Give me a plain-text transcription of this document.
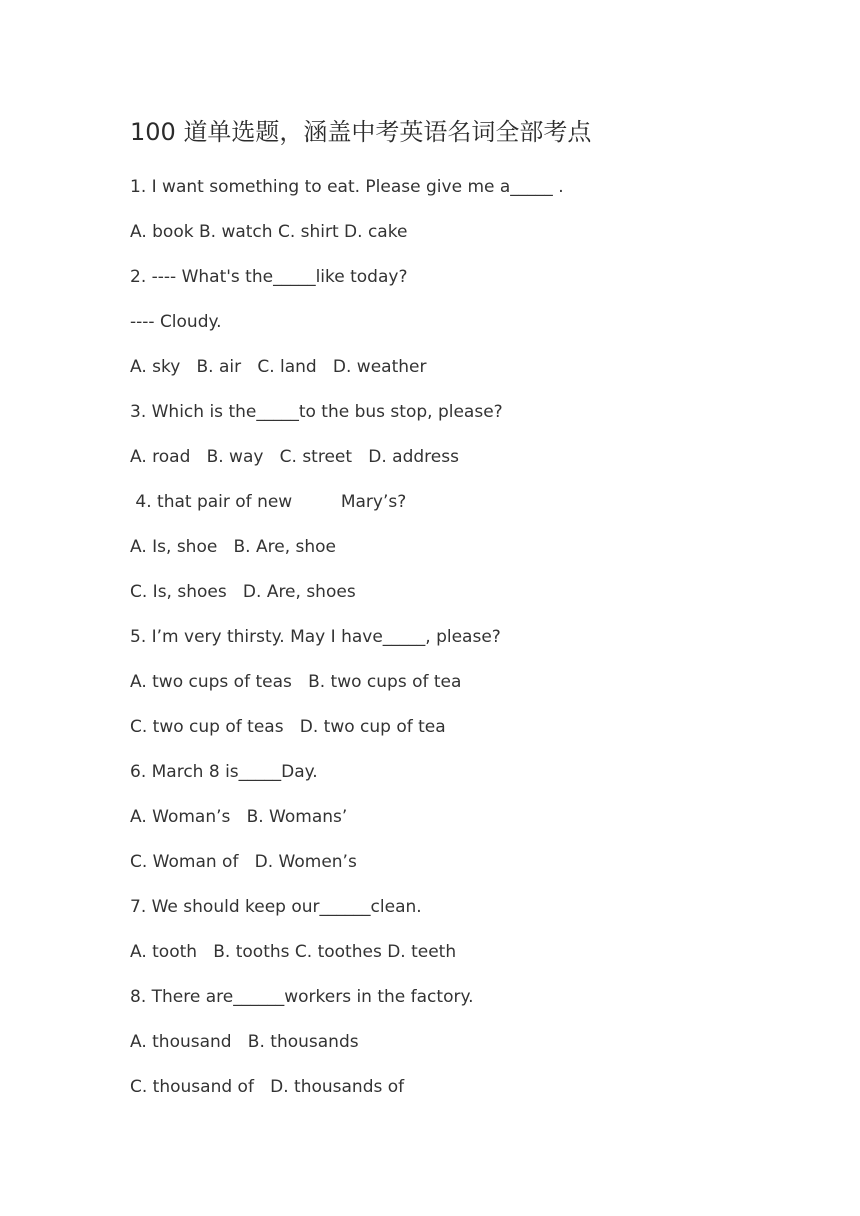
100 道单选题，涵盖中考英语名词全部考点
1. I want something to eat. Please give me a_____ .
A. book B. watch C. shirt D. cake
2. ---- What's the_____like today?
---- Cloudy.
A. sky   B. air   C. land   D. weather
3. Which is the_____to the bus stop, please?
A. road   B. way   C. street   D. address
4. that pair of new         Mary’s?
A. Is, shoe   B. Are, shoe
C. Is, shoes   D. Are, shoes
5. I’m very thirsty. May I have_____, please?
A. two cups of teas   B. two cups of tea
C. two cup of teas   D. two cup of tea
6. March 8 is_____Day.
A. Woman’s   B. Womans’
C. Woman of   D. Women’s
7. We should keep our______clean.
A. tooth   B. tooths C. toothes D. teeth
8. There are______workers in the factory.
A. thousand   B. thousands
C. thousand of   D. thousands of
